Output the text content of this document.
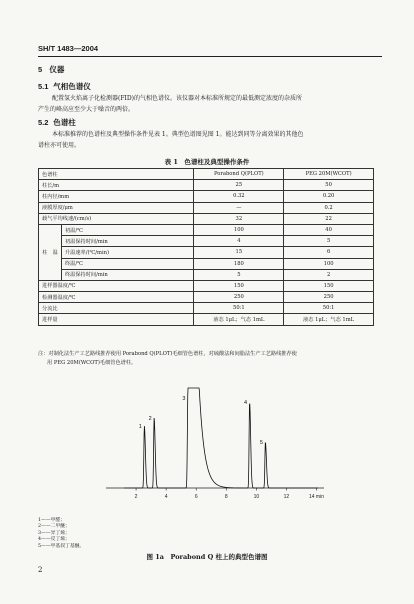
SH/T 1483—2004
5 仪器
5.1 气相色谱仪
配置氢火焰离子化检测器(FID)的气相色谱仪。该仪器对本标准所规定的最低测定浓度的杂质所
产生的峰高应至少大于噪音的两倍。
5.2 色谱柱
本标准推荐的色谱柱及典型操作条件见表 1。典型色谱图见图 1。能达到同等分离效果的其他色
谱柱亦可使用。
表 1　色谱柱及典型操作条件
色谱柱		Porabond Q(PLOT)	PEG 20M(WCOT)
柱长/m		25	50
柱内径/mm		0.32	0.20
液膜厚度/μm		—	0.2
载气平均线速/(cm/s)		32	22
柱　温	初温/℃	100	40
	初温保持时间/min	4	5
	升温速率/(℃/min)	15	6
	终温/℃	180	100
	终温保持时间/min	5	2
进样器温度/℃		150	150
检测器温度/℃		250	250
分流比		50:1	50:1
进样量		液态 1μL；气态 1mL	液态 1μL；气态 1mL
注：对制化法生产工艺路线推荐使用 Porabond Q(PLOT)毛细管色谱柱，对硫酸法和间脂法生产工艺路线推荐使
用 PEG 20M(WCOT)毛细管色谱柱。
2	4	6	8	10	12	14 min
1
2
3
4
5
1——甲醛；
2——二甲醚；
3——异丁烯；
4——反丁烯；
5——甲基叔丁基醚。
图 1a　Porabond Q 柱上的典型色谱图
2
